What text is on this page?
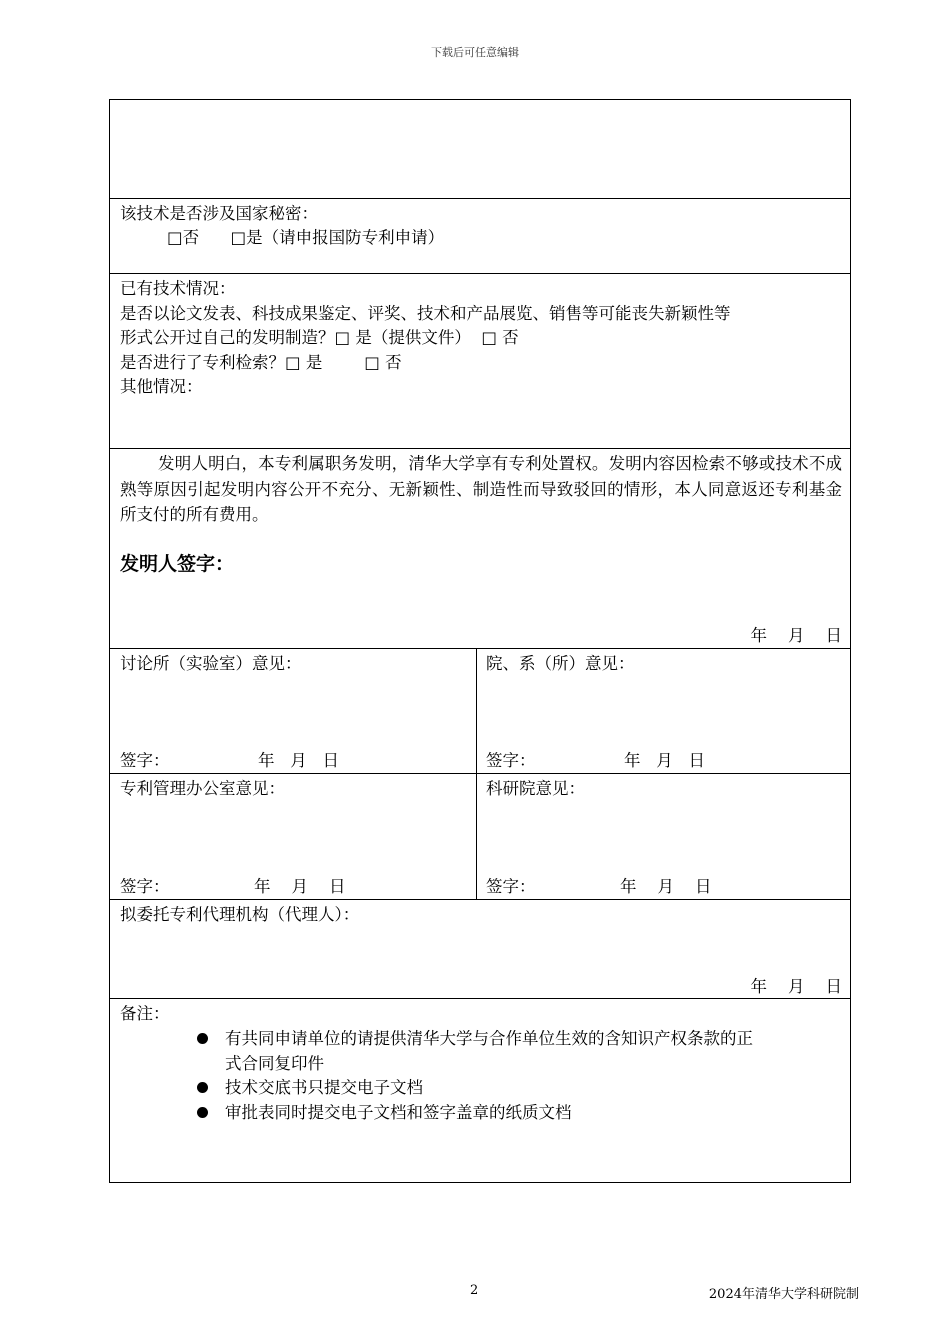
下载后可任意编辑
该技术是否涉及国家秘密：
□否      □是（请申报国防专利申请）
已有技术情况：
是否以论文发表、科技成果鉴定、评奖、技术和产品展览、销售等可能丧失新颖性等
形式公开过自己的发明制造？□ 是（提供文件）  □ 否
是否进行了专利检索？□ 是        □ 否
其他情况：
发明人明白，本专利属职务发明，清华大学享有专利处置权。发明内容因检索不够或技术不成熟等原因引起发明内容公开不充分、无新颖性、制造性而导致驳回的情形，本人同意返还专利基金所支付的所有费用。
发明人签字：
年    月    日
讨论所（实验室）意见：
签字：	年   月   日
院、系（所）意见：
签字：	年   月   日
专利管理办公室意见：
签字：	年    月    日
科研院意见：
签字：	年    月    日
拟委托专利代理机构（代理人）：
年    月    日
备注：
有共同申请单位的请提供清华大学与合作单位生效的含知识产权条款的正
式合同复印件
技术交底书只提交电子文档
审批表同时提交电子文档和签字盖章的纸质文档
2	2024年清华大学科研院制
